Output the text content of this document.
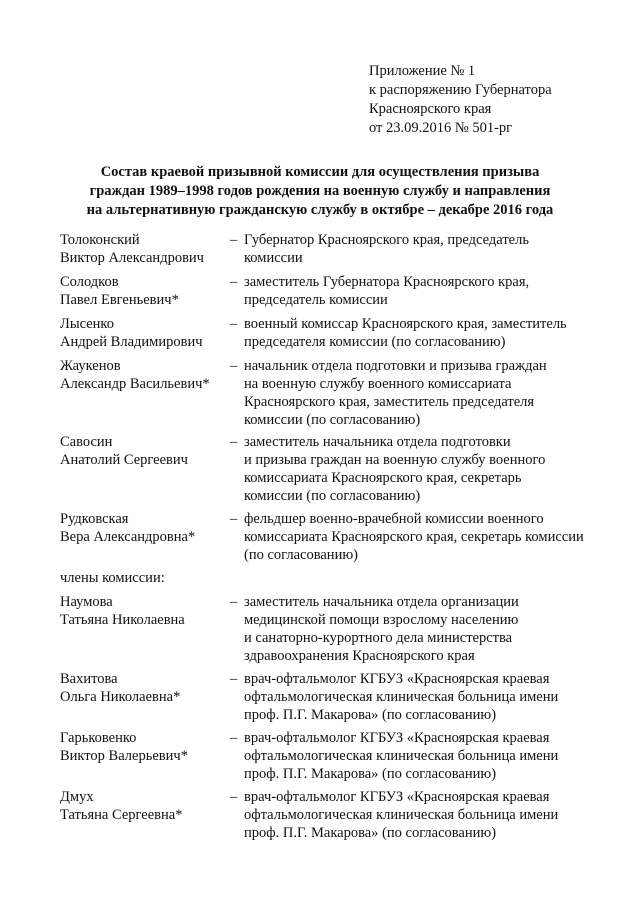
Приложение № 1
к распоряжению Губернатора
Красноярского края
от 23.09.2016 № 501-рг
Состав краевой призывной комиссии для осуществления призыва
граждан 1989–1998 годов рождения на военную службу и направления
на альтернативную гражданскую службу в октябре – декабре 2016 года
Толоконский
Виктор Александрович
– Губернатор Красноярского края, председатель
комиссии
Солодков
Павел Евгеньевич*
– заместитель Губернатора Красноярского края,
председатель комиссии
Лысенко
Андрей Владимирович
– военный комиссар Красноярского края, заместитель
председателя комиссии (по согласованию)
Жаукенов
Александр Васильевич*
– начальник отдела подготовки и призыва граждан
на военную службу военного комиссариата
Красноярского края, заместитель председателя
комиссии (по согласованию)
Савосин
Анатолий Сергеевич
– заместитель начальника отдела подготовки
и призыва граждан на военную службу военного
комиссариата Красноярского края, секретарь
комиссии (по согласованию)
Рудковская
Вера Александровна*
– фельдшер военно-врачебной комиссии военного
комиссариата Красноярского края, секретарь комиссии
(по согласованию)
члены комиссии:
Наумова
Татьяна Николаевна
– заместитель начальника отдела организации
медицинской помощи взрослому населению
и санаторно-курортного дела министерства
здравоохранения Красноярского края
Вахитова
Ольга Николаевна*
– врач-офтальмолог КГБУЗ «Красноярская краевая
офтальмологическая клиническая больница имени
проф. П.Г. Макарова» (по согласованию)
Гарьковенко
Виктор Валерьевич*
– врач-офтальмолог КГБУЗ «Красноярская краевая
офтальмологическая клиническая больница имени
проф. П.Г. Макарова» (по согласованию)
Дмух
Татьяна Сергеевна*
– врач-офтальмолог КГБУЗ «Красноярская краевая
офтальмологическая клиническая больница имени
проф. П.Г. Макарова» (по согласованию)
